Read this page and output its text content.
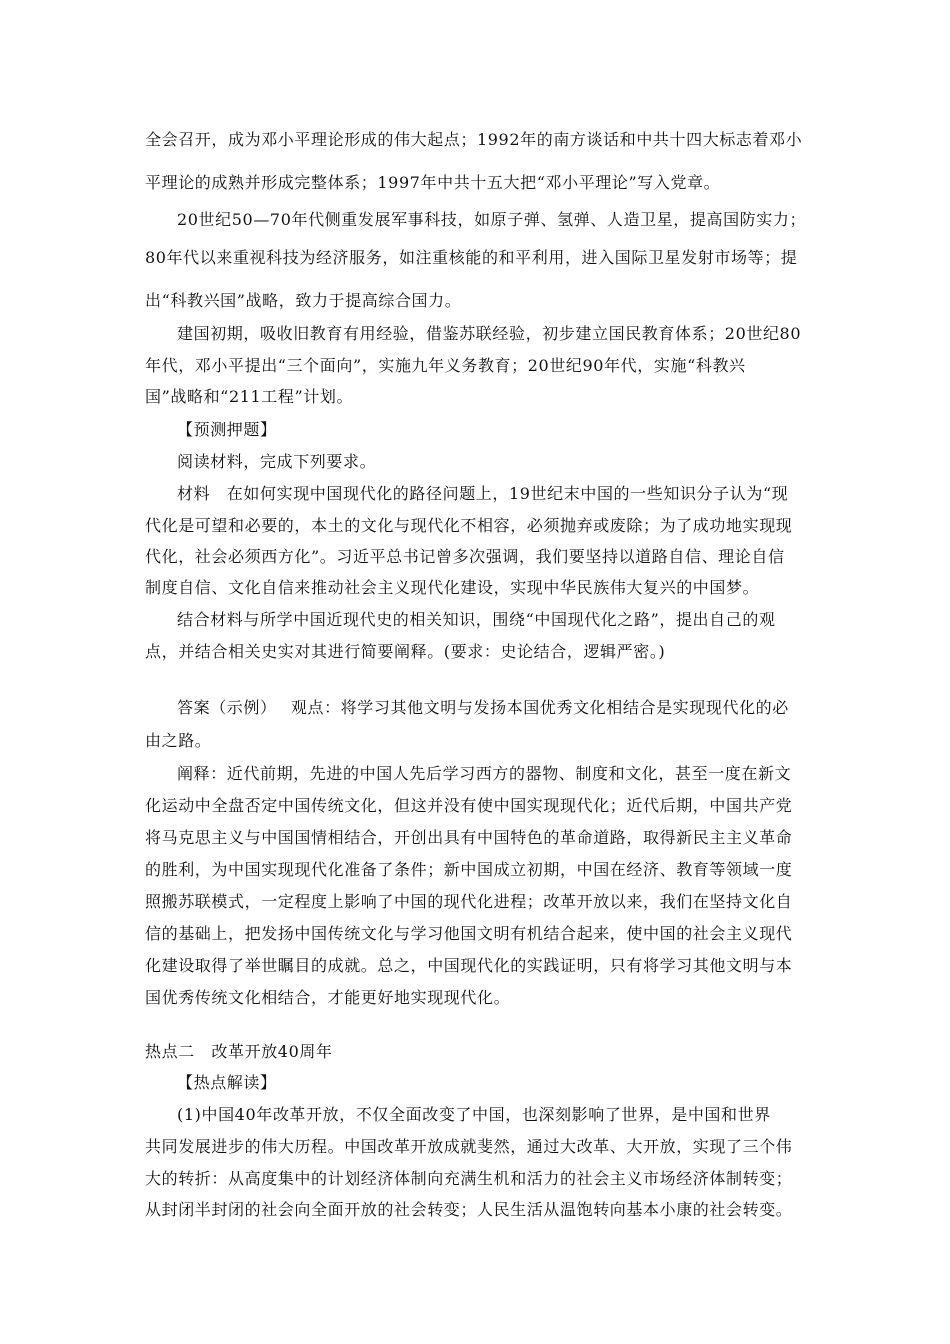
全会召开，成为邓小平理论形成的伟大起点；1992年的南方谈话和中共十四大标志着邓小
平理论的成熟并形成完整体系；1997年中共十五大把“邓小平理论”写入党章。
20世纪50—70年代侧重发展军事科技，如原子弹、氢弹、人造卫星，提高国防实力；
80年代以来重视科技为经济服务，如注重核能的和平利用，进入国际卫星发射市场等；提
出“科教兴国”战略，致力于提高综合国力。
建国初期，吸收旧教育有用经验，借鉴苏联经验，初步建立国民教育体系；20世纪80
年代，邓小平提出“三个面向”，实施九年义务教育；20世纪90年代，实施“科教兴
国”战略和“211工程”计划。
【预测押题】
阅读材料，完成下列要求。
材料　在如何实现中国现代化的路径问题上，19世纪末中国的一些知识分子认为“现
代化是可望和必要的，本土的文化与现代化不相容，必须抛弃或废除；为了成功地实现现
代化，社会必须西方化”。习近平总书记曾多次强调，我们要坚持以道路自信、理论自信
制度自信、文化自信来推动社会主义现代化建设，实现中华民族伟大复兴的中国梦。
结合材料与所学中国近现代史的相关知识，围绕“中国现代化之路”，提出自己的观
点，并结合相关史实对其进行简要阐释。(要求：史论结合，逻辑严密。)
答案（示例）　 观点：将学习其他文明与发扬本国优秀文化相结合是实现现代化的必
由之路。
阐释：近代前期，先进的中国人先后学习西方的器物、制度和文化，甚至一度在新文
化运动中全盘否定中国传统文化，但这并没有使中国实现现代化；近代后期，中国共产党
将马克思主义与中国国情相结合，开创出具有中国特色的革命道路，取得新民主主义革命
的胜利，为中国实现现代化准备了条件；新中国成立初期，中国在经济、教育等领域一度
照搬苏联模式，一定程度上影响了中国的现代化进程；改革开放以来，我们在坚持文化自
信的基础上，把发扬中国传统文化与学习他国文明有机结合起来，使中国的社会主义现代
化建设取得了举世瞩目的成就。总之，中国现代化的实践证明，只有将学习其他文明与本
国优秀传统文化相结合，才能更好地实现现代化。
热点二　改革开放40周年
【热点解读】
(1)中国40年改革开放，不仅全面改变了中国，也深刻影响了世界，是中国和世界
共同发展进步的伟大历程。中国改革开放成就斐然，通过大改革、大开放，实现了三个伟
大的转折：从高度集中的计划经济体制向充满生机和活力的社会主义市场经济体制转变；
从封闭半封闭的社会向全面开放的社会转变；人民生活从温饱转向基本小康的社会转变。
